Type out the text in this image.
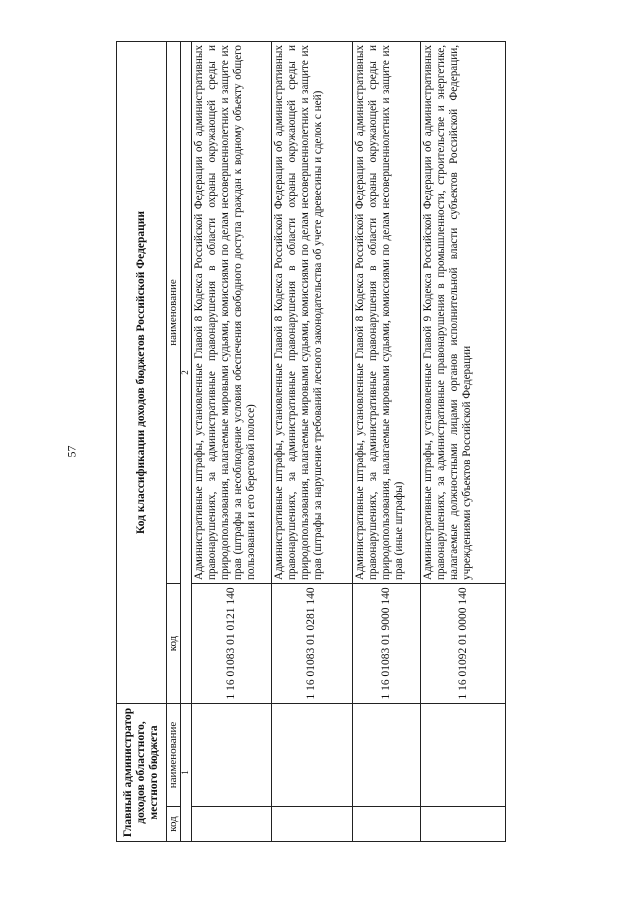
57
Главный администратор доходов областного, местного бюджета		Код классификации доходов бюджетов Российской Федерации	
код	наименование	код	наименование
1		2	
		1 16 01083 01 0121 140	Административные штрафы, установленные Главой 8 Кодекса Российской Федерации об административных правонарушениях, за административные правонарушения в области охраны окружающей среды и природопользования, налагаемые мировыми судьями, комиссиями по делам несовершеннолетних и защите их прав (штрафы за несоблюдение условия обеспечения свободного доступа граждан к водному объекту общего пользования и его береговой полосе)
		1 16 01083 01 0281 140	Административные штрафы, установленные Главой 8 Кодекса Российской Федерации об административных правонарушениях, за административные правонарушения в области охраны окружающей среды и природопользования, налагаемые мировыми судьями, комиссиями по делам несовершеннолетних и защите их прав (штрафы за нарушение требований лесного законодательства об учете древесины и сделок с ней)
		1 16 01083 01 9000 140	Административные штрафы, установленные Главой 8 Кодекса Российской Федерации об административных правонарушениях, за административные правонарушения в области охраны окружающей среды и природопользования, налагаемые мировыми судьями, комиссиями по делам несовершеннолетних и защите их прав (иные штрафы)
		1 16 01092 01 0000 140	Административные штрафы, установленные Главой 9 Кодекса Российской Федерации об административных правонарушениях, за административные правонарушения в промышленности, строительстве и энергетике, налагаемые должностными лицами органов исполнительной власти субъектов Российской Федерации, учреждениями субъектов Российской Федерации
